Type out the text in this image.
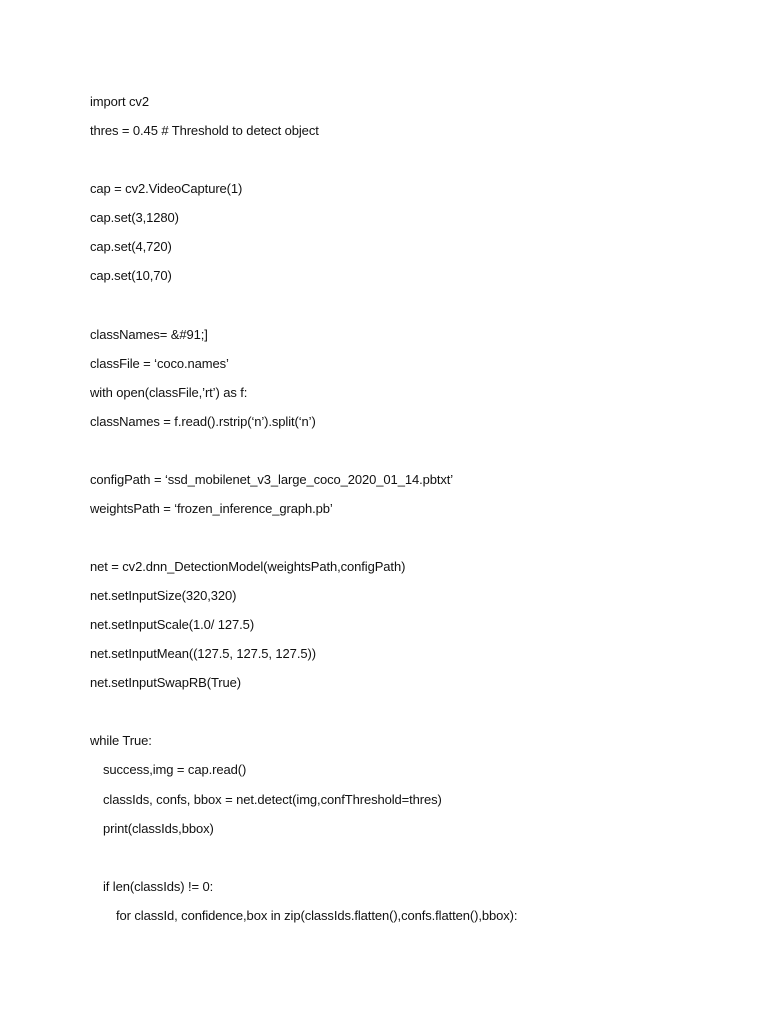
import cv2
thres = 0.45 # Threshold to detect object
cap = cv2.VideoCapture(1)
cap.set(3,1280)
cap.set(4,720)
cap.set(10,70)
classNames= &#91;]
classFile = ‘coco.names’
with open(classFile,’rt’) as f:
classNames = f.read().rstrip(‘n’).split(‘n’)
configPath = ‘ssd_mobilenet_v3_large_coco_2020_01_14.pbtxt’
weightsPath = ‘frozen_inference_graph.pb’
net = cv2.dnn_DetectionModel(weightsPath,configPath)
net.setInputSize(320,320)
net.setInputScale(1.0/ 127.5)
net.setInputMean((127.5, 127.5, 127.5))
net.setInputSwapRB(True)
while True:
success,img = cap.read()
classIds, confs, bbox = net.detect(img,confThreshold=thres)
print(classIds,bbox)
if len(classIds) != 0:
for classId, confidence,box in zip(classIds.flatten(),confs.flatten(),bbox):
